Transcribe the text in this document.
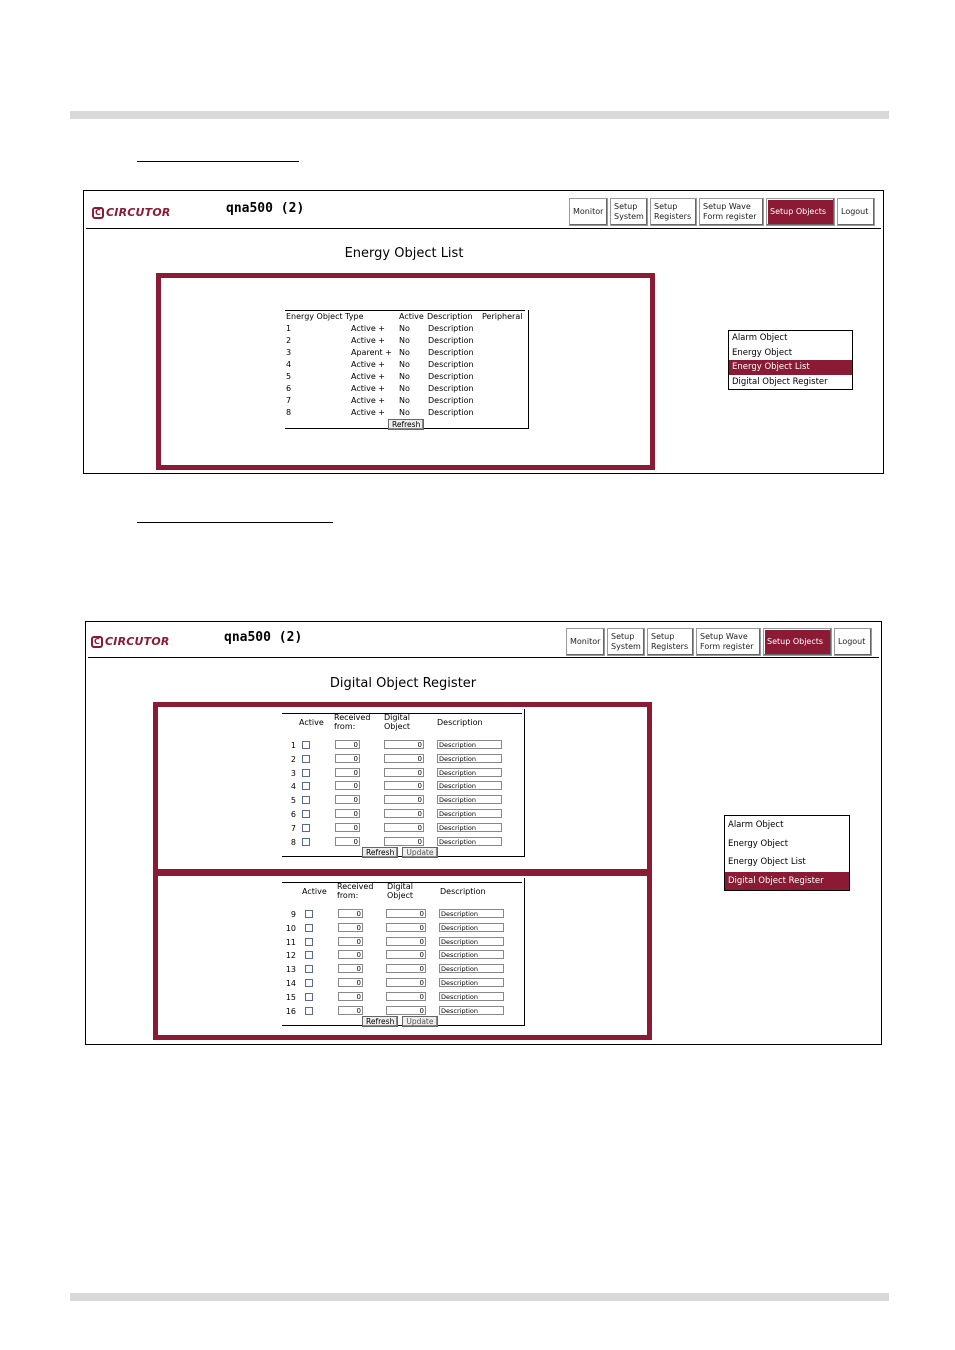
C CIRCUTOR	qna500 (2)	Monitor
Setup System
Setup Registers
Setup Wave Form register
Setup Objects	Logout
Energy Object List
Energy Object Type	Active Description Peripheral
1	Active + No Description
2	Active + No Description
3	Aparent + No Description
4	Active + No Description
5	Active + No Description
6	Active + No Description
7	Active + No Description
8	Active + No Description
Refresh
Alarm Object
Energy Object
Energy Object List
Digital Object Register
C CIRCUTOR	qna500 (2)	Monitor
Setup System
Setup Registers
Setup Wave Form register
Setup Objects	Logout
Digital Object Register
Active
Received from:
Digital Object	Description
1	0	0	Description
2	0	0	Description
3	0	0	Description
4	0	0	Description
5	0	0	Description
6	0	0	Description
7	0	0	Description
8	0	0	Description
Refresh Update
Active
Received from:
Digital Object	Description
9	0	0	Description
10	0	0	Description
11	0	0	Description
12	0	0	Description
13	0	0	Description
14	0	0	Description
15	0	0	Description
16	0	0	Description
Refresh Update
Alarm Object
Energy Object
Energy Object List
Digital Object Register
